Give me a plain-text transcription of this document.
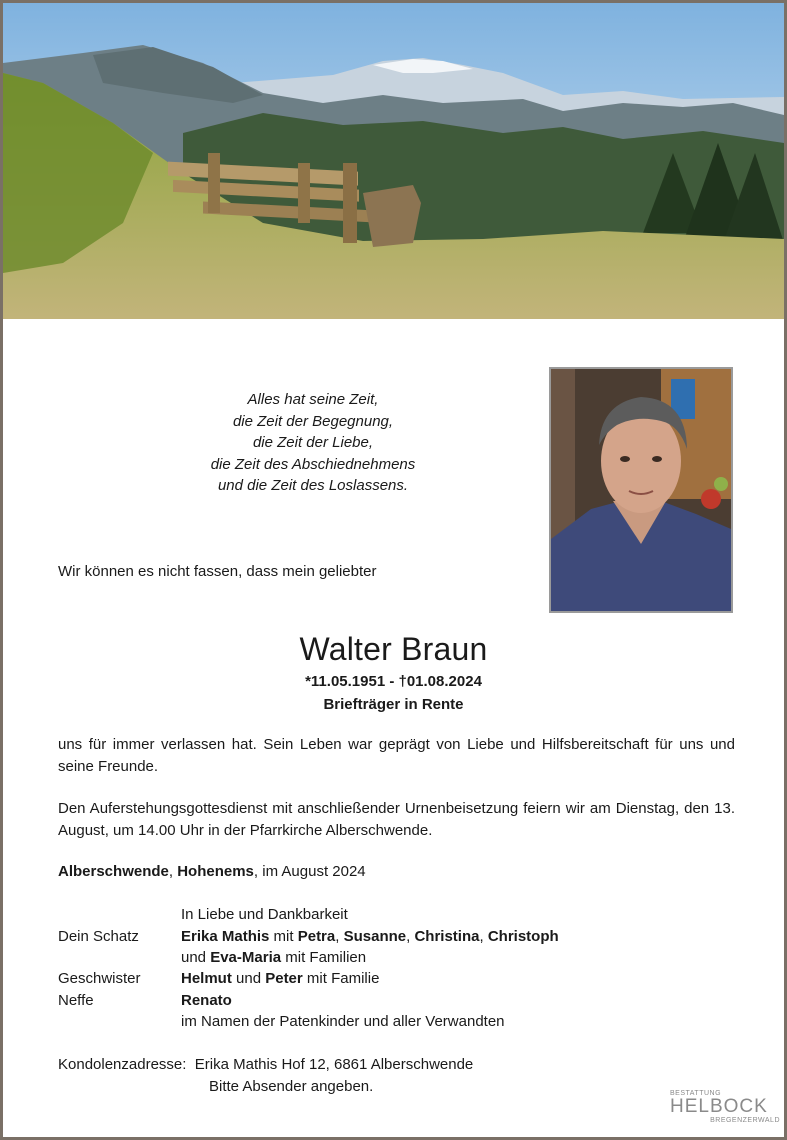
Alles hat seine Zeit,
die Zeit der Begegnung,
die Zeit der Liebe,
die Zeit des Abschiednehmens
und die Zeit des Loslassens.
Wir können es nicht fassen, dass mein geliebter
Walter Braun
*11.05.1951 - †01.08.2024
Briefträger in Rente
uns für immer verlassen hat. Sein Leben war geprägt von Liebe und Hilfsbereitschaft für uns und seine Freunde.
Den Auferstehungsgottesdienst mit anschließender Urnenbeisetzung feiern wir am Dienstag, den 13. August, um 14.00 Uhr in der Pfarrkirche Alberschwende.
Alberschwende, Hohenems, im August 2024
In Liebe und Dankbarkeit
Dein Schatz	Erika Mathis mit Petra, Susanne, Christina, Christoph
und Eva-Maria mit Familien
Geschwister	Helmut und Peter mit Familie
Neffe	Renato
im Namen der Patenkinder und aller Verwandten
Kondolenzadresse: Erika Mathis Hof 12, 6861 Alberschwende
Bitte Absender angeben.	BESTATTUNG
HELBOCK
BREGENZERWALD
